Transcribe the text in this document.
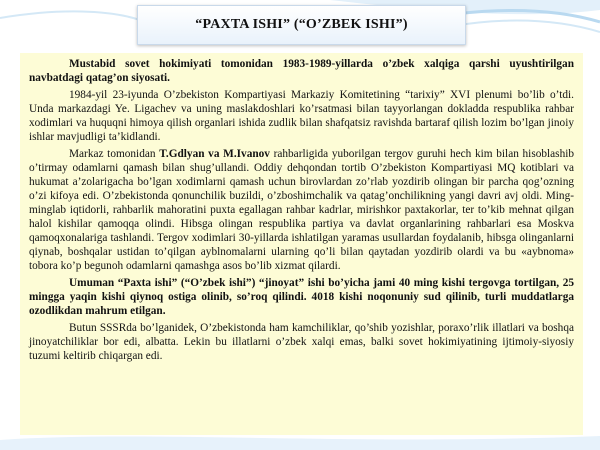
“PAXTA ISHI” (“O’ZBEK ISHI”)

Mustabid sovet hokimiyati tomonidan 1983-1989-yillarda o’zbek xalqiga qarshi uyushtirilgan navbatdagi qatag’on siyosati.

1984-yil 23-iyunda O’zbekiston Kompartiyasi Markaziy Komitetining “tarixiy” XVI plenumi bo’lib o’tdi. Unda markazdagi Ye. Ligachev va uning maslakdoshlari ko’rsatmasi bilan tayyorlangan dokladda respublika rahbar xodimlari va huquqni himoya qilish organlari ishida zudlik bilan shafqatsiz ravishda bartaraf qilish lozim bo’lgan jinoiy ishlar mavjudligi ta’kidlandi.

Markaz tomonidan T.Gdlyan va M.Ivanov rahbarligida yuborilgan tergov guruhi hech kim bilan hisoblashib o’tirmay odamlarni qamash bilan shug’ullandi. Oddiy dehqondan tortib O’zbekiston Kompartiyasi MQ kotiblari va hukumat a’zolarigacha bo’lgan xodimlarni qamash uchun birovlardan zo’rlab yozdirib olingan bir parcha qog’ozning o’zi kifoya edi. O’zbekistonda qonunchilik buzildi, o’zboshimchalik va qatag’onchilikning yangi davri avj oldi. Ming-minglab iqtidorli, rahbarlik mahoratini puxta egallagan rahbar kadrlar, mirishkor paxtakorlar, ter to’kib mehnat qilgan halol kishilar qamoqqa olindi. Hibsga olingan respublika partiya va davlat organlarining rahbarlari esa Moskva qamoqxonalariga tashlandi. Tergov xodimlari 30-yillarda ishlatilgan yaramas usullardan foydalanib, hibsga olinganlarni qiynab, boshqalar ustidan to’qilgan ayblnomalarni ularning qo’li bilan qaytadan yozdirib olardi va bu «aybnoma» tobora ko’p begunoh odamlarni qamashga asos bo’lib xizmat qilardi.

Umuman “Paxta ishi” (“O’zbek ishi”) “jinoyat” ishi bo’yicha jami 40 ming kishi tergovga tortilgan, 25 mingga yaqin kishi qiynoq ostiga olinib, so’roq qilindi. 4018 kishi noqonuniy sud qilinib, turli muddatlarga ozodlikdan mahrum etilgan.

Butun SSSRda bo’lganidek, O’zbekistonda ham kamchiliklar, qo’shib yozishlar, poraxo’rlik illatlari va boshqa jinoyatchiliklar bor edi, albatta. Lekin bu illatlarni o’zbek xalqi emas, balki sovet hokimiyatining ijtimoiy-siyosiy tuzumi keltirib chiqargan edi.
